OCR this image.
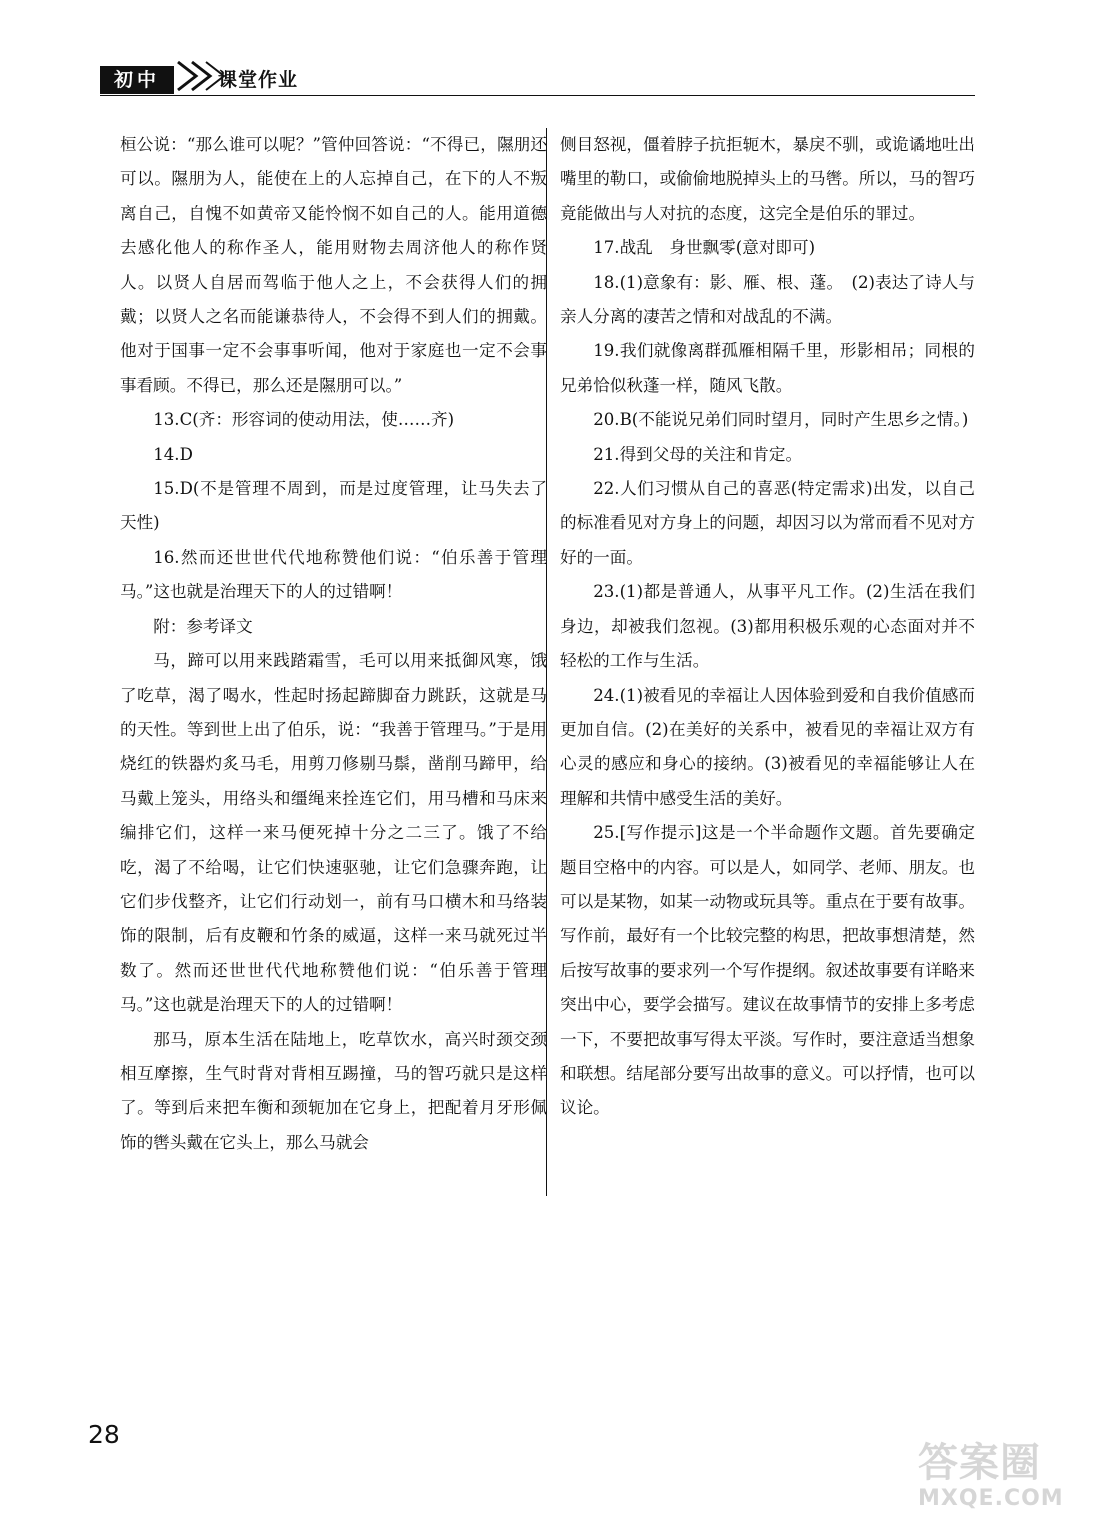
初中	课堂作业

桓公说：“那么谁可以呢？”管仲回答说：“不得已，隰朋还可以。隰朋为人，能使在上的人忘掉自己，在下的人不叛离自己，自愧不如黄帝又能怜悯不如自己的人。能用道德去感化他人的称作圣人，能用财物去周济他人的称作贤人。以贤人自居而驾临于他人之上，不会获得人们的拥戴；以贤人之名而能谦恭待人，不会得不到人们的拥戴。他对于国事一定不会事事听闻，他对于家庭也一定不会事事看顾。不得已，那么还是隰朋可以。”

13.C(齐：形容词的使动用法，使……齐)

14.D

15.D(不是管理不周到，而是过度管理，让马失去了天性)

16.然而还世世代代地称赞他们说：“伯乐善于管理马。”这也就是治理天下的人的过错啊！

附：参考译文

马，蹄可以用来践踏霜雪，毛可以用来抵御风寒，饿了吃草，渴了喝水，性起时扬起蹄脚奋力跳跃，这就是马的天性。等到世上出了伯乐，说：“我善于管理马。”于是用烧红的铁器灼炙马毛，用剪刀修剔马鬃，凿削马蹄甲，给马戴上笼头，用络头和缰绳来拴连它们，用马槽和马床来编排它们，这样一来马便死掉十分之二三了。饿了不给吃，渴了不给喝，让它们快速驱驰，让它们急骤奔跑，让它们步伐整齐，让它们行动划一，前有马口横木和马络装饰的限制，后有皮鞭和竹条的威逼，这样一来马就死过半数了。然而还世世代代地称赞他们说：“伯乐善于管理马。”这也就是治理天下的人的过错啊！

那马，原本生活在陆地上，吃草饮水，高兴时颈交颈相互摩擦，生气时背对背相互踢撞，马的智巧就只是这样了。等到后来把车衡和颈轭加在它身上，把配着月牙形佩饰的辔头戴在它头上，那么马就会

侧目怒视，僵着脖子抗拒轭木，暴戾不驯，或诡谲地吐出嘴里的勒口，或偷偷地脱掉头上的马辔。所以，马的智巧竟能做出与人对抗的态度，这完全是伯乐的罪过。

17.战乱　身世飘零(意对即可)

18.(1)意象有：影、雁、根、蓬。　(2)表达了诗人与亲人分离的凄苦之情和对战乱的不满。

19.我们就像离群孤雁相隔千里，形影相吊；同根的兄弟恰似秋蓬一样，随风飞散。

20.B(不能说兄弟们同时望月，同时产生思乡之情。)

21.得到父母的关注和肯定。

22.人们习惯从自己的喜恶(特定需求)出发，以自己的标准看见对方身上的问题，却因习以为常而看不见对方好的一面。

23.(1)都是普通人，从事平凡工作。(2)生活在我们身边，却被我们忽视。(3)都用积极乐观的心态面对并不轻松的工作与生活。

24.(1)被看见的幸福让人因体验到爱和自我价值感而更加自信。(2)在美好的关系中，被看见的幸福让双方有心灵的感应和身心的接纳。(3)被看见的幸福能够让人在理解和共情中感受生活的美好。

25.[写作提示]这是一个半命题作文题。首先要确定题目空格中的内容。可以是人，如同学、老师、朋友。也可以是某物，如某一动物或玩具等。重点在于要有故事。写作前，最好有一个比较完整的构思，把故事想清楚，然后按写故事的要求列一个写作提纲。叙述故事要有详略来突出中心，要学会描写。建议在故事情节的安排上多考虑一下，不要把故事写得太平淡。写作时，要注意适当想象和联想。结尾部分要写出故事的意义。可以抒情，也可以议论。

28
答案圈
MXQE.COM
